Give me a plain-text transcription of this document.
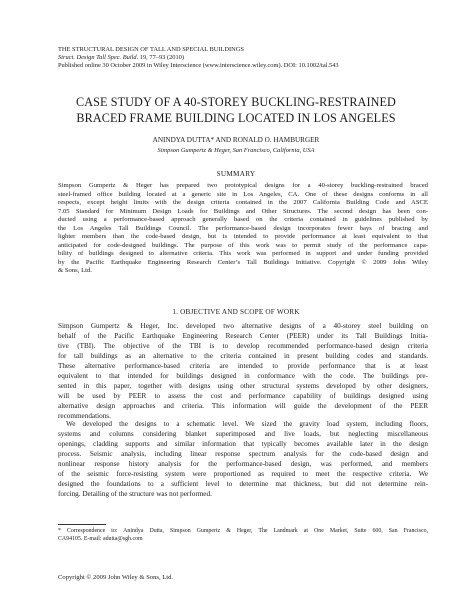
THE STRUCTURAL DESIGN OF TALL AND SPECIAL BUILDINGS
Struct. Design Tall Spec. Build. 19, 77–93 (2010)
Published online 30 October 2009 in Wiley Interscience (www.interscience.wiley.com). DOI: 10.1002/tal.543
CASE STUDY OF A 40-STOREY BUCKLING-RESTRAINED
BRACED FRAME BUILDING LOCATED IN LOS ANGELES
ANINDYA DUTTA* AND RONALD O. HAMBURGER
Simpson Gumpertz & Heger, San Francisco, California, USA
SUMMARY
Simpson Gumpertz & Heger has prepared two prototypical designs for a 40-storey buckling-restrained braced
steel-framed office building located at a generic site in Los Angeles, CA. One of these designs conforms in all
respects, except height limits with the design criteria contained in the 2007 California Building Code and ASCE
7.05 Standard for Minimum Design Loads for Buildings and Other Structures. The second design has been con-
ducted using a performance-based approach generally based on the criteria contained in guidelines published by
the Los Angeles Tall Buildings Council. The performance-based design incorporates fewer bays of bracing and
lighter members than the code-based design, but is intended to provide performance at least equivalent to that
anticipated for code-designed buildings. The purpose of this work was to permit study of the performance capa-
bility of buildings designed to alternative criteria. This work was performed in support and under funding provided
by the Pacific Earthquake Engineering Research Center’s Tall Buildings Initiative. Copyright © 2009 John Wiley
& Sons, Ltd.
1. OBJECTIVE AND SCOPE OF WORK
Simpson Gumpertz & Heger, Inc. developed two alternative designs of a 40-storey steel building on
behalf of the Pacific Earthquake Engineering Research Center (PEER) under its Tall Buildings Initia-
tive (TBI). The objective of the TBI is to develop recommended performance-based design criteria
for tall buildings as an alternative to the criteria contained in present building codes and standards.
These alternative performance-based criteria are intended to provide performance that is at least
equivalent to that intended for buildings designed in conformance with the code. The buildings pre-
sented in this paper, together with designs using other structural systems developed by other designers,
will be used by PEER to assess the cost and performance capability of buildings designed using
alternative design approaches and criteria. This information will guide the development of the PEER
recommendations.
We developed the designs to a schematic level. We sized the gravity load system, including floors,
systems and columns considering blanket superimposed and live loads, but neglecting miscellaneous
openings, cladding supports and similar information that typically becomes available later in the design
process. Seismic analysis, including linear response spectrum analysis for the code-based design and
nonlinear response history analysis for the performance-based design, was performed, and members
of the seismic force-resisting system were proportioned as required to meet the respective criteria. We
designed the foundations to a sufficient level to determine mat thickness, but did not determine rein-
forcing. Detailing of the structure was not performed.
* Correspondence to: Anindya Dutta, Simpson Gumpertz & Heger, The Landmark at One Market, Suite 600, San Francisco,
CA94105. E-mail: adutta@sgh.com
Copyright © 2009 John Wiley & Sons, Ltd.
